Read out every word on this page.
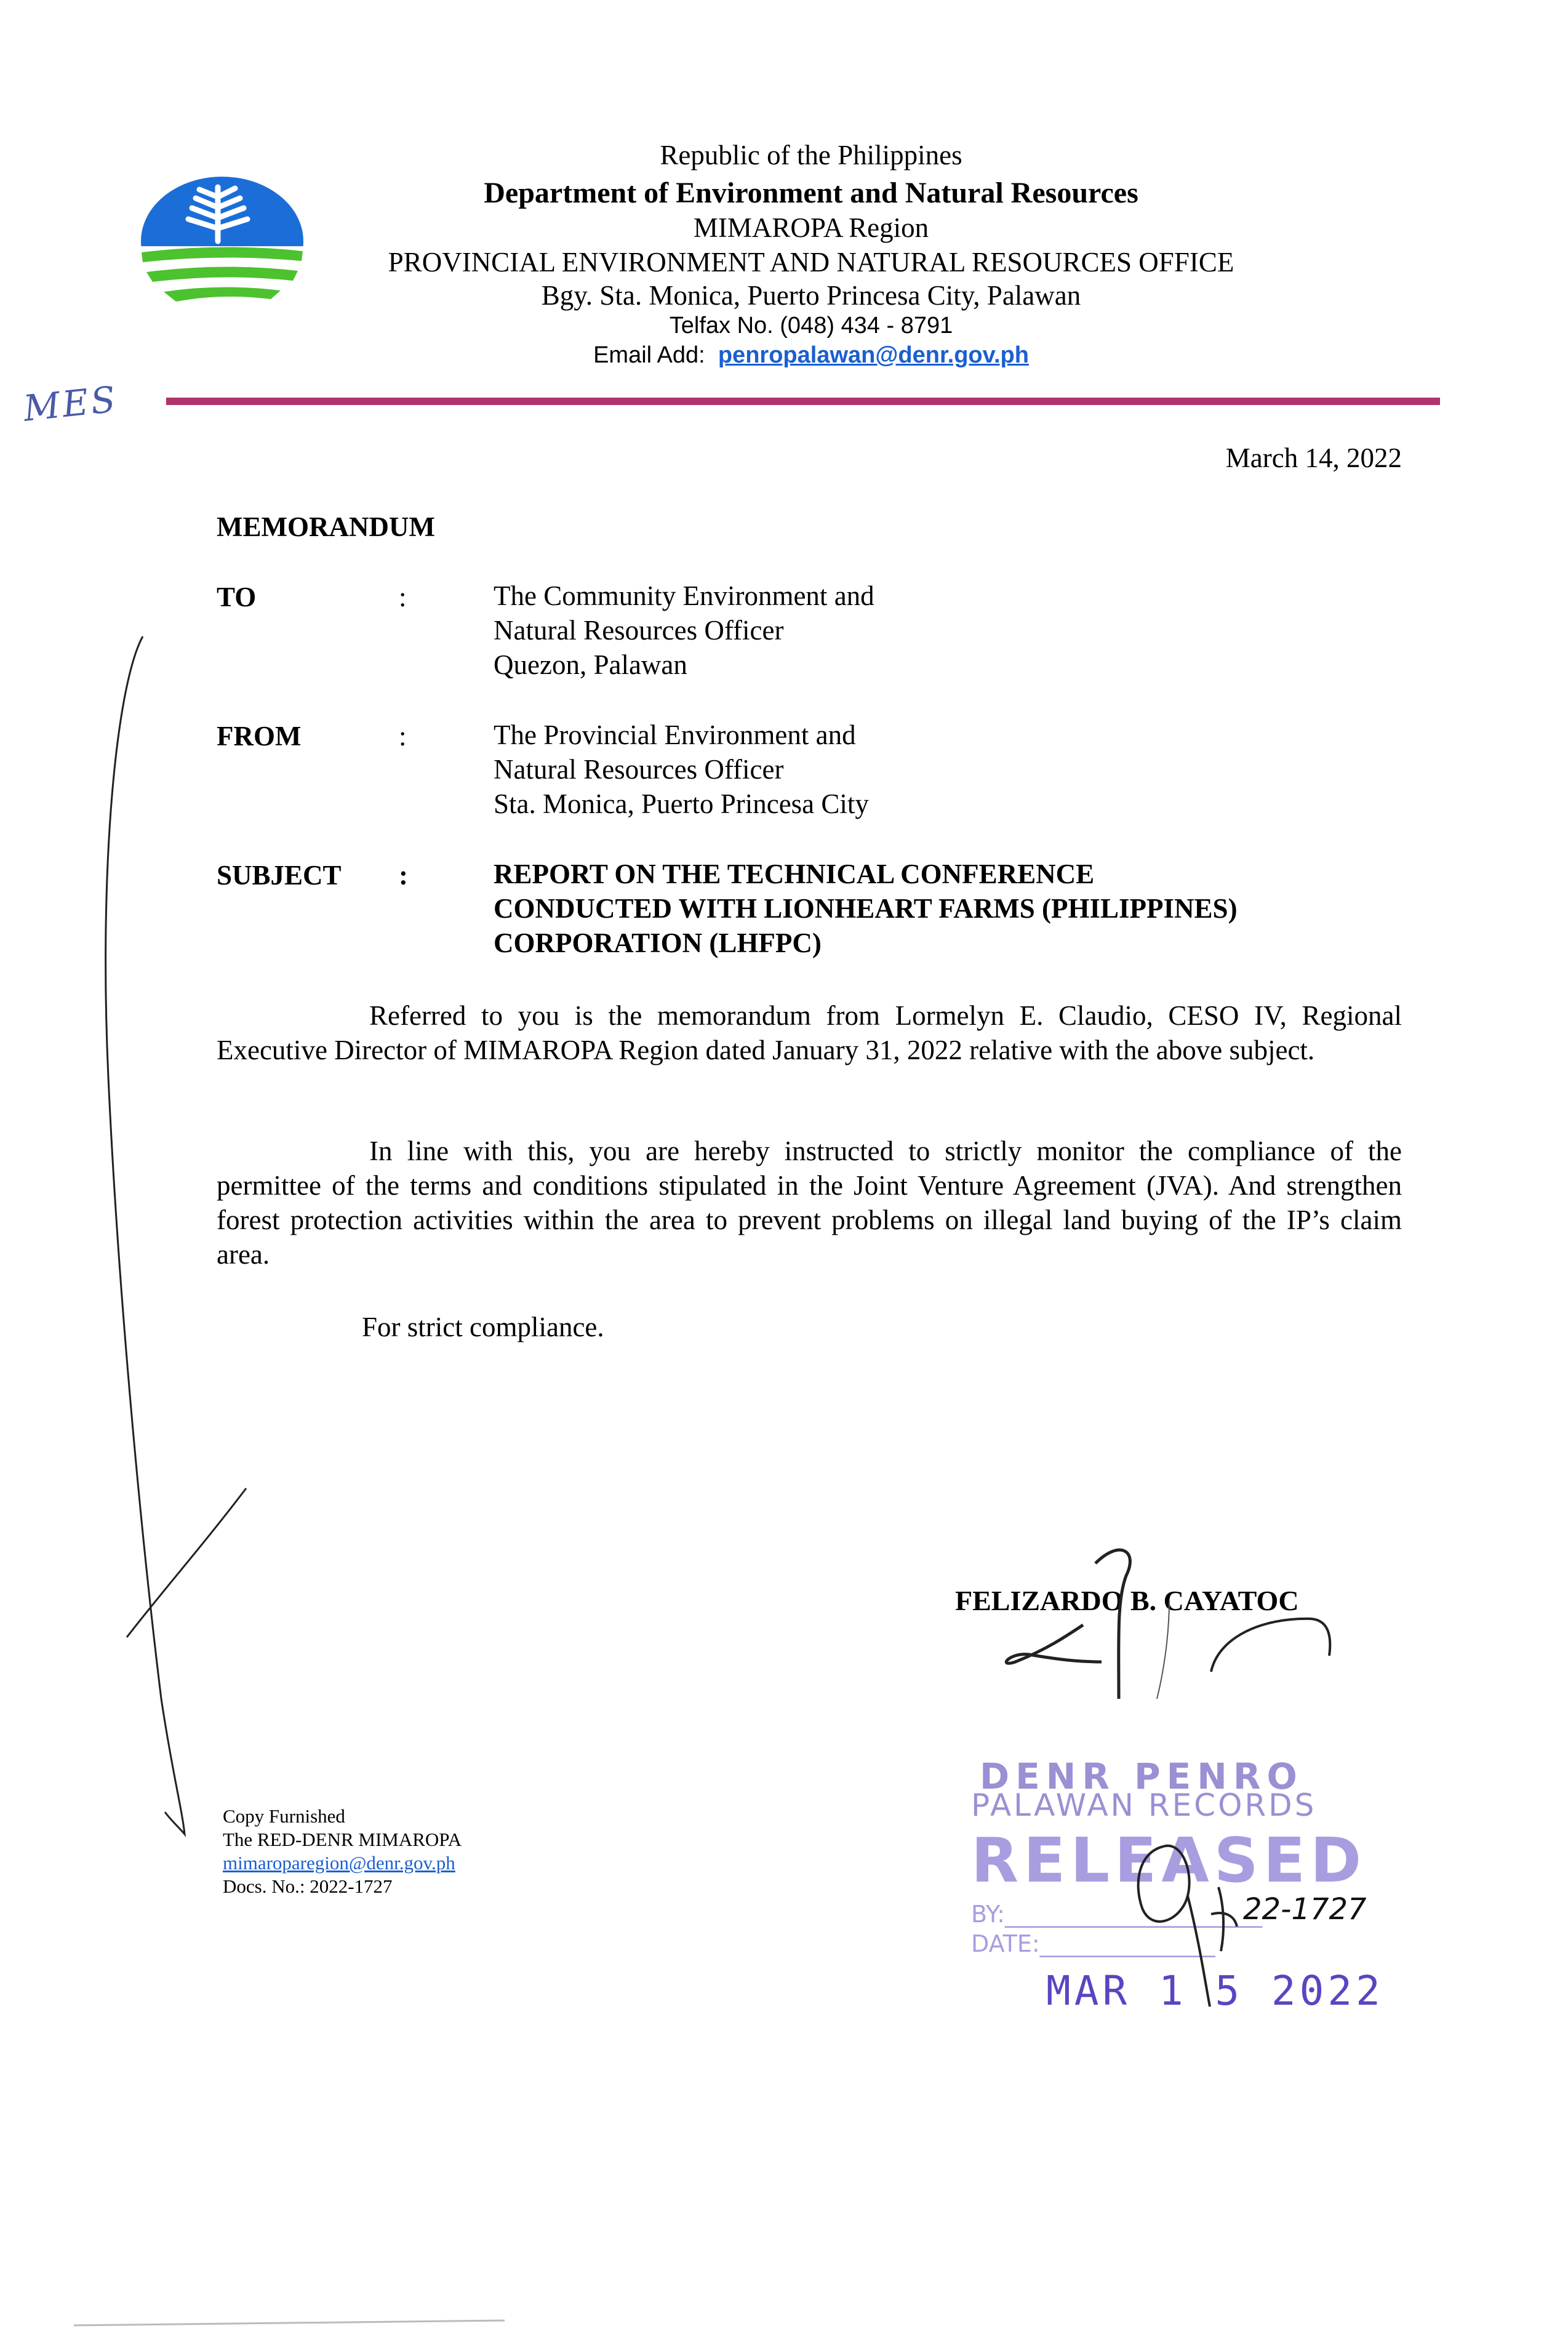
Republic of the Philippines
Department of Environment and Natural Resources
MIMAROPA Region
PROVINCIAL ENVIRONMENT AND NATURAL RESOURCES OFFICE
Bgy. Sta. Monica, Puerto Princesa City, Palawan
Telfax No. (048) 434 - 8791
Email Add: penropalawan@denr.gov.ph
MES
March 14, 2022
MEMORANDUM
TO	:	The Community Environment and
Natural Resources Officer
Quezon, Palawan
FROM	:	The Provincial Environment and
Natural Resources Officer
Sta. Monica, Puerto Princesa City
SUBJECT :	REPORT ON THE TECHNICAL CONFERENCE
CONDUCTED WITH LIONHEART FARMS (PHILIPPINES)
CORPORATION (LHFPC)
Referred to you is the memorandum from Lormelyn E. Claudio, CESO IV, Regional Executive Director of MIMAROPA Region dated January 31, 2022 relative with the above subject.
In line with this, you are hereby instructed to strictly monitor the compliance of the permittee of the terms and conditions stipulated in the Joint Venture Agreement (JVA). And strengthen forest protection activities within the area to prevent problems on illegal land buying of the IP’s claim area.
For strict compliance.
FELIZARDO B. CAYATOC
Copy Furnished
The RED-DENR MIMAROPA
mimaroparegion@denr.gov.ph
Docs. No.: 2022-1727
DENR PENRO
PALAWAN RECORDS
RELEASED
BY:______________________
DATE:_______________
MAR 1 5 2022
22-1727
